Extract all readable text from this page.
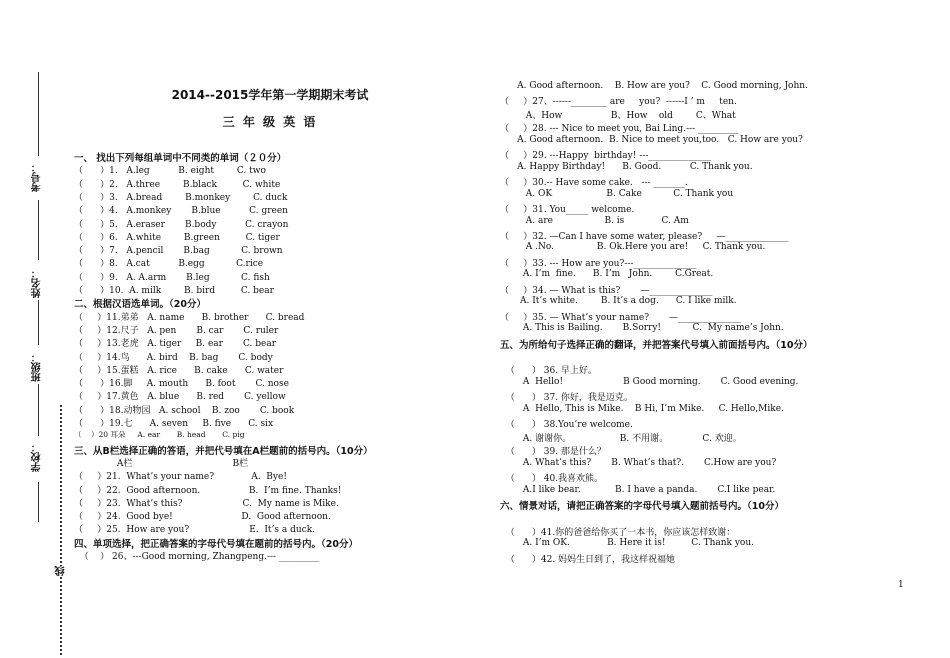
考号：
姓名：
班级：
学校：
线
2014--2015学年第一学期期末考试
三 年 级 英 语
一、 找出下列每组单词中不同类的单词（２０分）
（      ）1.   A.leg          B. eight        C. two
（      ）2.   A.three        B.black         C. white
（      ）3.   A.bread        B.monkey        C. duck
（      ）4.   A.monkey       B.blue          C. green
（      ）5.   A.eraser       B.body          C. crayon
（      ）6.   A.white        B.green         C. tiger
（      ）7.   A.pencil       B.bag           C. brown
（      ）8.   A.cat          B.egg           C.rice
（      ）9.   A. A.arm       B.leg           C. fish
（      ）10.  A. milk        B. bird         C. bear
二、根据汉语选单词。（20分）
（     ）11.弟弟   A. name      B. brother      C. bread
（     ）12.尺子   A. pen       B. car       C. ruler
（     ）13.老虎   A. tiger     B. ear       C. bear
（     ）14.鸟      A. bird    B. bag       C. body
（     ）15.蛋糕   A. rice      B. cake      C. water
（      ）16.脚     A. mouth      B. foot       C. nose
（     ）17.黄色   A. blue      B. red       C. yellow
（      ）18.动物园   A. school    B. zoo       C. book
（      ）19.七      A. seven     B. five      C. six
（    ）20 耳朵     A. ear       B. head       C. pig
三、从B栏选择正确的答语，并把代号填在A栏题前的括号内。（10分）
A栏                                   B栏
（     ）21.  What’s your name?             A.  Bye!
（     ）22.  Good afternoon.                 B.  I’m fine. Thanks!
（     ）23.  What’s this?                     C.  My name is Mike.
（     ）24.  Good bye!                        D.  Good afternoon.
（     ）25.  How are you?                     E.  It’s a duck.
四、单项选择，把正确答案的字母代号填在题前的括号内。（20分）
（    ） 26、---Good morning, Zhangpeng.--- _________
A. Good afternoon.    B. How are you?    C. Good morning, John.
（     ）27、------________ are     you?  ------I ’ m     ten.
A、How                 B、How    old        C、What
（     ）28. --- Nice to meet you, Bai Ling.--- _________
A. Good afternoon.  B. Nice to meet you,too.   C. How are you?
（     ）29. ---Happy  birthday! ---______________
A. Happy Birthday!      B. Good.          C. Thank you.
（     ）30.-- Have some cake.   --- _______.
A. OK                   B. Cake           C. Thank you
（     ）31. You_____ welcome.
A. are                  B. is             C. Am
（     ）32. —Can I have some water, please?     —______________
A .No.               B. Ok.Here you are!     C. Thank you.
（     ）33. --- How are you?---______________
A. I’m  fine.      B. I’m   John.        C.Great.
（     ）34. — What is this?       —______________
A. It’s white.        B. It’s a dog.      C. I like milk.
（     ）35. — What’s your name?       —______________
A. This is Bailing.       B.Sorry!           C.  My name’s John.
五、为所给句子选择正确的翻译，并把答案代号填入前面括号内。（10分）
（      ） 36. 早上好。
A  Hello!                     B Good morning.       C. Good evening.
（      ） 37. 你好，我是迈克。
A  Hello, This is Mike.    B Hi, I’m Mike.     C. Hello,Mike.
（      ） 38.You’re welcome.
A. 谢谢你。                 B. 不用谢。            C. 欢迎。
（      ） 39. 那是什么？
A. What’s this?       B. What’s that?.       C.How are you?
（      ） 40.我喜欢熊。
A.I like bear.            B. I have a panda.       C.I like pear.
六、情景对话，请把正确答案的字母代号填入题前括号内。（10分）
（      ）41.你的爸爸给你买了一本书，你应该怎样致谢：
A. I’m OK.             B. Here it is!         C. Thank you.
（      ）42. 妈妈生日到了，我这样祝福她
1
